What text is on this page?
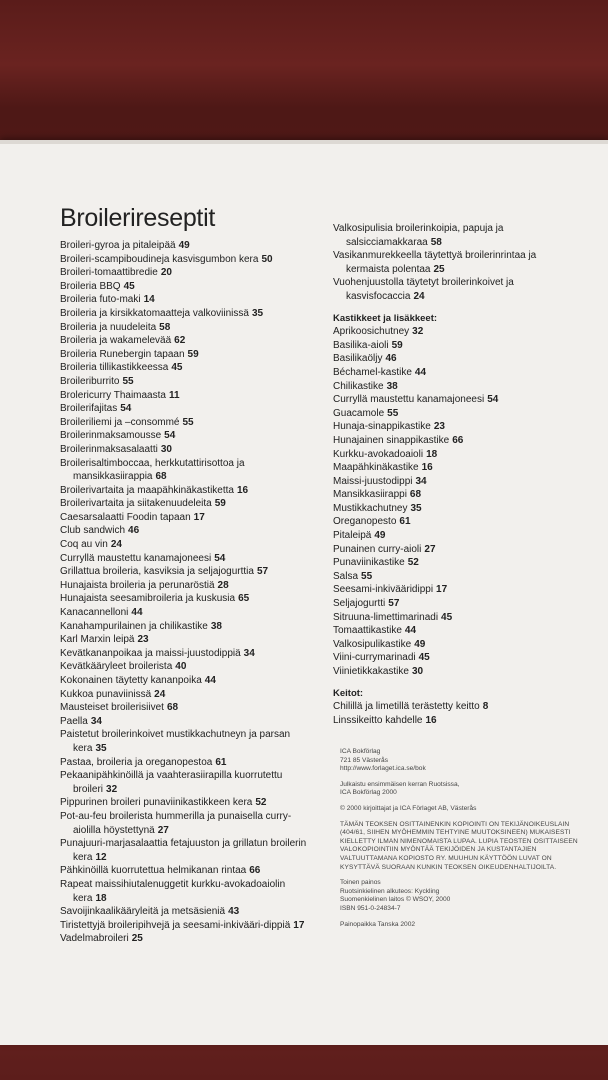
Broilerireseptit
Broileri-gyroa ja pitaleipää 49
Broileri-scampiboudineja kasvisgumbon kera 50
Broileri-tomaattibredie 20
Broileria BBQ 45
Broileria futo-maki 14
Broileria ja kirsikkatomaatteja valkoviinissä 35
Broileria ja nuudeleita 58
Broileria ja wakamelevää 62
Broileria Runebergin tapaan 59
Broileria tillikastikkeessa 45
Broileriburrito 55
Brolericurry Thaimaasta 11
Broilerifajitas 54
Broileriliemi ja –consommé 55
Broilerinmaksamousse 54
Broilerinmaksasalaatti 30
Broilerisaltimboccaa, herkkutattirisottoa ja mansikkasiirappia 68
Broilerivartaita ja maapähkinäkastiketta 16
Broilerivartaita ja siitakenuudeleita 59
Caesarsalaatti Foodin tapaan 17
Club sandwich 46
Coq au vin 24
Curryllä maustettu kanamajoneesi 54
Grillattua broileria, kasviksia ja seljajogurttia 57
Hunajaista broileria ja perunaröstiä 28
Hunajaista seesamibroileria ja kuskusia 65
Kanacannelloni 44
Kanahampurilainen ja chilikastike 38
Karl Marxin leipä 23
Kevätkananpoikaa ja maissi-juustodippiä 34
Kevätkääryleet broilerista 40
Kokonainen täytetty kananpoika 44
Kukkoa punaviinissä 24
Mausteiset broilerisiivet 68
Paella 34
Paistetut broilerinkoivet mustikkachutneyn ja parsan kera 35
Pastaa, broileria ja oreganopestoa 61
Pekaanipähkinöillä ja vaahterasiirapilla kuorrutettu broileri 32
Pippurinen broileri punaviinikastikkeen kera 52
Pot-au-feu broilerista hummerilla ja punaisella curry-aiolilla höystettynä 27
Punajuuri-marjasalaattia fetajuuston ja grillatun broilerin kera 12
Pähkinöillä kuorrutettua helmikanan rintaa 66
Rapeat maissihiutalenuggetit kurkku-avokadoaiolin kera 18
Savoijinkaalikääryleitä ja metsäsieniä 43
Tiristettyjä broileripihvejä ja seesami-inkivääri-dippiä 17
Vadelmabroileri 25
Valkosipulisia broilerinkoipia, papuja ja salsicciamakkaraa 58
Vasikanmurekkeella täytettyä broilerinrintaa ja kermaista polentaa 25
Vuohenjuustolla täytetyt broilerinkoivet ja kasvisfocaccia 24
Kastikkeet ja lisäkkeet:
Aprikoosichutney 32
Basilika-aioli 59
Basilikaöljy 46
Béchamel-kastike 44
Chilikastike 38
Curryllä maustettu kanamajoneesi 54
Guacamole 55
Hunaja-sinappikastike 23
Hunajainen sinappikastike 66
Kurkku-avokadoaioli 18
Maapähkinäkastike 16
Maissi-juustodippi 34
Mansikkasiirappi 68
Mustikkachutney 35
Oreganopesto 61
Pitaleipä 49
Punainen curry-aioli 27
Punaviinikastike 52
Salsa 55
Seesami-inkivääridippi 17
Seljajogurtti 57
Sitruuna-limettimarinadi 45
Tomaattikastike 44
Valkosipulikastike 49
Viini-currymarinadi 45
Viinietikkakastike 30
Keitot:
Chilillä ja limetillä terästetty keitto 8
Linssikeitto kahdelle 16
ICA Bokförlag
721 85 Västerås
http://www.forlaget.ica.se/bok
Julkaistu ensimmäisen kerran Ruotsissa,
ICA Bokförlag 2000
© 2000 kirjoittajat ja ICA Förlaget AB, Västerås
TÄMÄN TEOKSEN OSITTAINENKIN KOPIOINTI ON TEKIJÄNOIKEUSLAIN (404/61, SIIHEN MYÖHEMMIN TEHTYINE MUUTOKSINEEN) MUKAISESTI KIELLETTY ILMAN NIMENOMAISTA LUPAA. LUPIA TEOSTEN OSITTAISEEN VALOKOPIOINTIIN MYÖNTÄÄ TEKIJÖIDEN JA KUSTANTAJIEN VALTUUTTAMANA KOPIOSTO RY. MUUHUN KÄYTTÖÖN LUVAT ON KYSYTTÄVÄ SUORAAN KUNKIN TEOKSEN OIKEUDENHALTIJOILTA.
Toinen painos
Ruotsinkielinen alkuteos: Kyckling
Suomenkielinen laitos © WSOY, 2000
ISBN 951-0-24834-7
Painopaikka Tanska 2002
